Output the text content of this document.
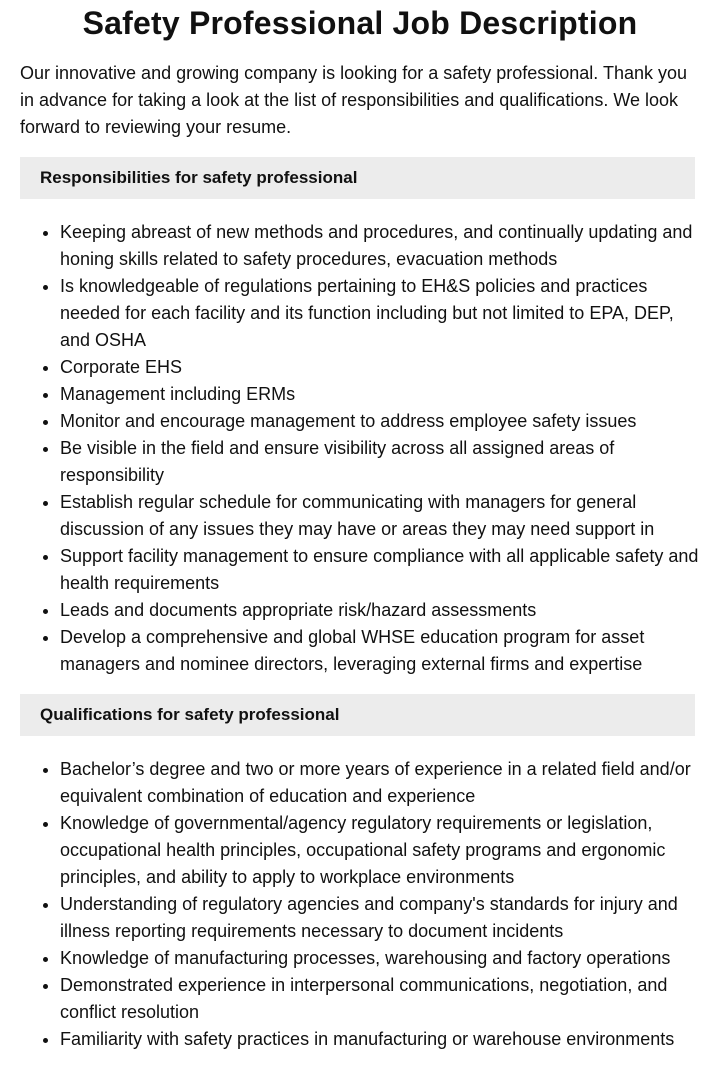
Safety Professional Job Description

Our innovative and growing company is looking for a safety professional. Thank you in advance for taking a look at the list of responsibilities and qualifications. We look forward to reviewing your resume.

Responsibilities for safety professional
• Keeping abreast of new methods and procedures, and continually updating and honing skills related to safety procedures, evacuation methods
• Is knowledgeable of regulations pertaining to EH&S policies and practices needed for each facility and its function including but not limited to EPA, DEP, and OSHA
• Corporate EHS
• Management including ERMs
• Monitor and encourage management to address employee safety issues
• Be visible in the field and ensure visibility across all assigned areas of responsibility
• Establish regular schedule for communicating with managers for general discussion of any issues they may have or areas they may need support in
• Support facility management to ensure compliance with all applicable safety and health requirements
• Leads and documents appropriate risk/hazard assessments
• Develop a comprehensive and global WHSE education program for asset managers and nominee directors, leveraging external firms and expertise
Qualifications for safety professional
• Bachelor’s degree and two or more years of experience in a related field and/or equivalent combination of education and experience
• Knowledge of governmental/agency regulatory requirements or legislation, occupational health principles, occupational safety programs and ergonomic principles, and ability to apply to workplace environments
• Understanding of regulatory agencies and company's standards for injury and illness reporting requirements necessary to document incidents
• Knowledge of manufacturing processes, warehousing and factory operations
• Demonstrated experience in interpersonal communications, negotiation, and conflict resolution
• Familiarity with safety practices in manufacturing or warehouse environments
